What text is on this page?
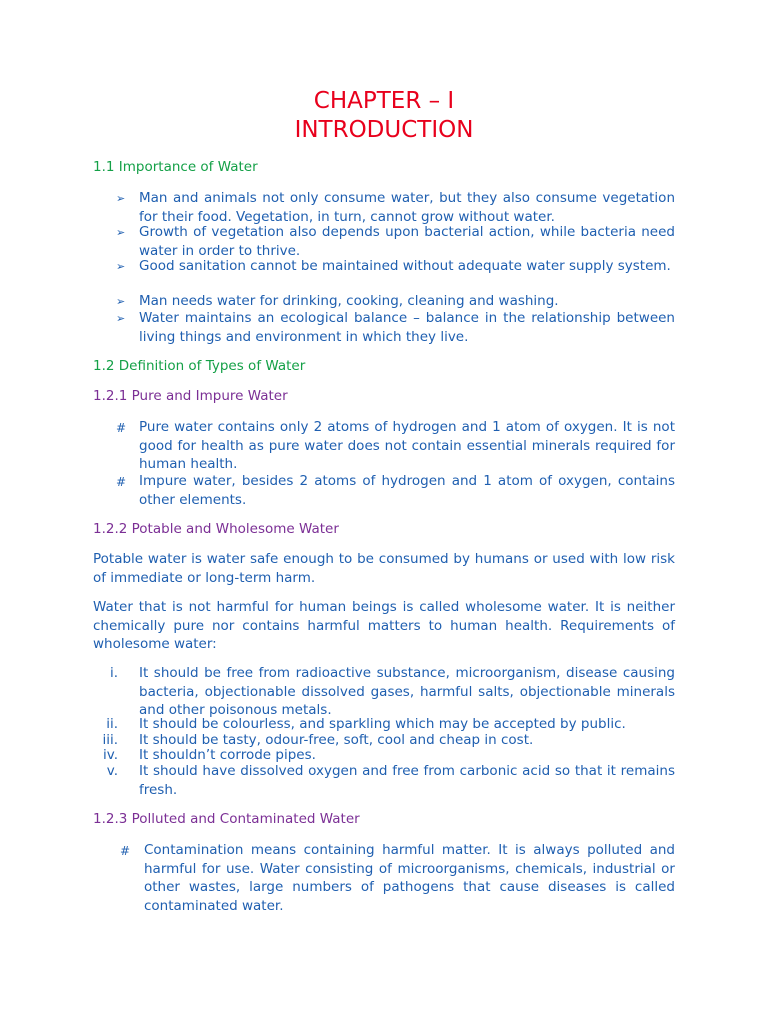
CHAPTER – I
INTRODUCTION
1.1 Importance of Water
➢ Man and animals not only consume water, but they also consume vegetation for their food. Vegetation, in turn, cannot grow without water.
➢ Growth of vegetation also depends upon bacterial action, while bacteria need water in order to thrive.
➢ Good sanitation cannot be maintained without adequate water supply system.
➢ Man needs water for drinking, cooking, cleaning and washing.
➢ Water maintains an ecological balance – balance in the relationship between living things and environment in which they live.
1.2 Definition of Types of Water
1.2.1 Pure and Impure Water
# Pure water contains only 2 atoms of hydrogen and 1 atom of oxygen. It is not good for health as pure water does not contain essential minerals required for human health.
# Impure water, besides 2 atoms of hydrogen and 1 atom of oxygen, contains other elements.
1.2.2 Potable and Wholesome Water
Potable water is water safe enough to be consumed by humans or used with low risk of immediate or long-term harm.
Water that is not harmful for human beings is called wholesome water. It is neither chemically pure nor contains harmful matters to human health. Requirements of wholesome water:
i. It should be free from radioactive substance, microorganism, disease causing bacteria, objectionable dissolved gases, harmful salts, objectionable minerals and other poisonous metals.
ii. It should be colourless, and sparkling which may be accepted by public.
iii. It should be tasty, odour-free, soft, cool and cheap in cost.
iv. It shouldn’t corrode pipes.
v. It should have dissolved oxygen and free from carbonic acid so that it remains fresh.
1.2.3 Polluted and Contaminated Water
# Contamination means containing harmful matter. It is always polluted and harmful for use. Water consisting of microorganisms, chemicals, industrial or other wastes, large numbers of pathogens that cause diseases is called contaminated water.
